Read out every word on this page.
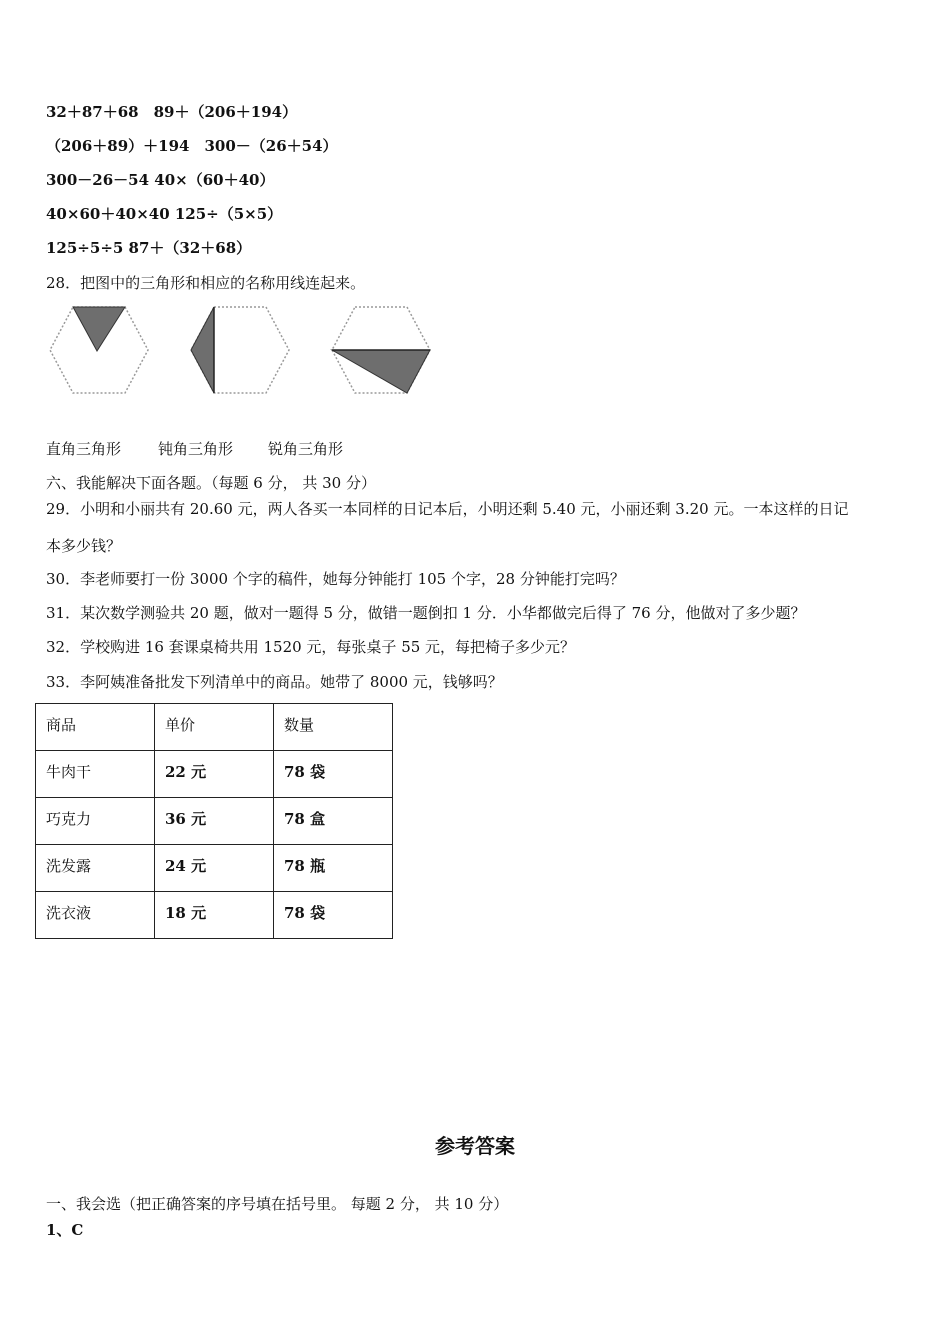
32＋87＋68　89＋（206＋194）
（206＋89）＋194　300－（26＋54）
300－26－54 40×（60＋40）
40×60＋40×40 125÷（5×5）
125÷5÷5 87＋（32＋68）
28．把图中的三角形和相应的名称用线连起来。
直角三角形 钝角三角形 锐角三角形
六、我能解决下面各题。（每题 6 分， 共 30 分）
29．小明和小丽共有 20.60 元，两人各买一本同样的日记本后，小明还剩 5.40 元，小丽还剩 3.20 元。一本这样的日记
本多少钱？
30．李老师要打一份 3000 个字的稿件，她每分钟能打 105 个字，28 分钟能打完吗？
31．某次数学测验共 20 题，做对一题得 5 分，做错一题倒扣 1 分．小华都做完后得了 76 分，他做对了多少题？
32．学校购进 16 套课桌椅共用 1520 元，每张桌子 55 元，每把椅子多少元？
33．李阿姨准备批发下列清单中的商品。她带了 8000 元，钱够吗？
商品	单价	数量
牛肉干	22 元	78 袋
巧克力	36 元	78 盒
洗发露	24 元	78 瓶
洗衣液	18 元	78 袋
参考答案
一、我会选（把正确答案的序号填在括号里。 每题 2 分， 共 10 分）
1、C
